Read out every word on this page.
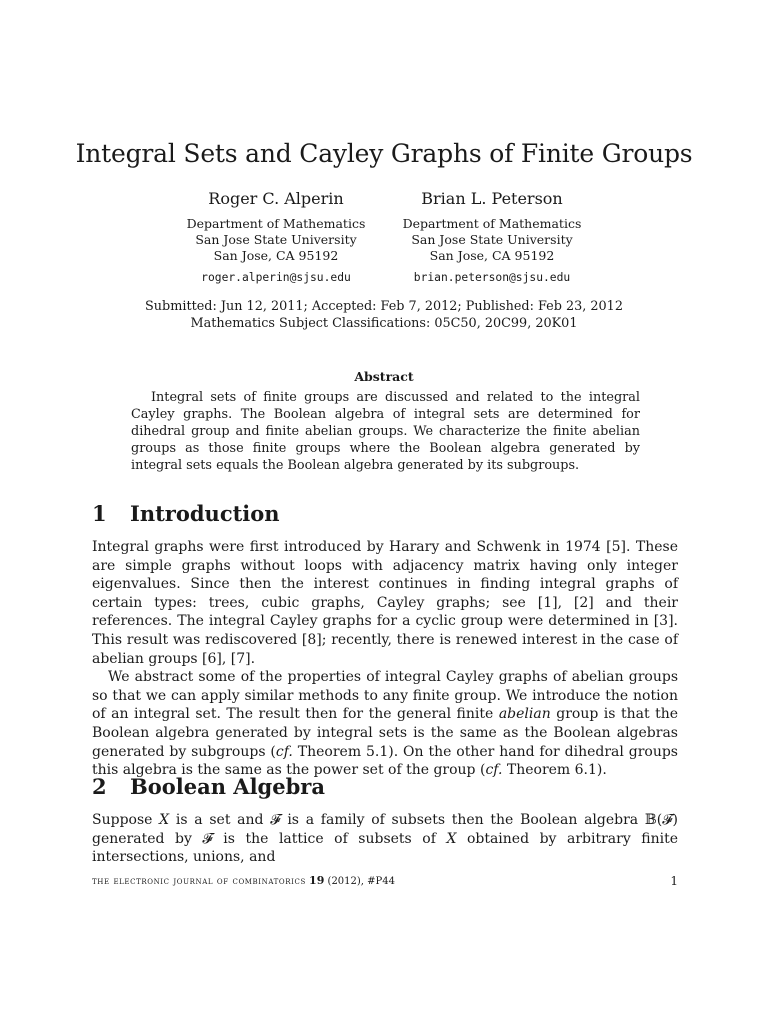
Integral Sets and Cayley Graphs of Finite Groups
Roger C. Alperin
Department of Mathematics
San Jose State University
San Jose, CA 95192
roger.alperin@sjsu.edu
Brian L. Peterson
Department of Mathematics
San Jose State University
San Jose, CA 95192
brian.peterson@sjsu.edu
Submitted: Jun 12, 2011; Accepted: Feb 7, 2012; Published: Feb 23, 2012
Mathematics Subject Classifications: 05C50, 20C99, 20K01
Abstract

Integral sets of finite groups are discussed and related to the integral Cayley graphs. The Boolean algebra of integral sets are determined for dihedral group and finite abelian groups. We characterize the finite abelian groups as those finite groups where the Boolean algebra generated by integral sets equals the Boolean algebra generated by its subgroups.

1 Introduction

Integral graphs were first introduced by Harary and Schwenk in 1974 [5]. These are simple graphs without loops with adjacency matrix having only integer eigenvalues. Since then the interest continues in finding integral graphs of certain types: trees, cubic graphs, Cayley graphs; see [1], [2] and their references. The integral Cayley graphs for a cyclic group were determined in [3]. This result was rediscovered [8]; recently, there is renewed interest in the case of abelian groups [6], [7].

We abstract some of the properties of integral Cayley graphs of abelian groups so that we can apply similar methods to any finite group. We introduce the notion of an integral set. The result then for the general finite abelian group is that the Boolean algebra generated by integral sets is the same as the Boolean algebras generated by subgroups (cf. Theorem 5.1). On the other hand for dihedral groups this algebra is the same as the power set of the group (cf. Theorem 6.1).

2 Boolean Algebra

Suppose X is a set and 𝓕 is a family of subsets then the Boolean algebra 𝔹(𝓕) generated by 𝓕 is the lattice of subsets of X obtained by arbitrary finite intersections, unions, and

the electronic journal of combinatorics 19 (2012), #P44	1
